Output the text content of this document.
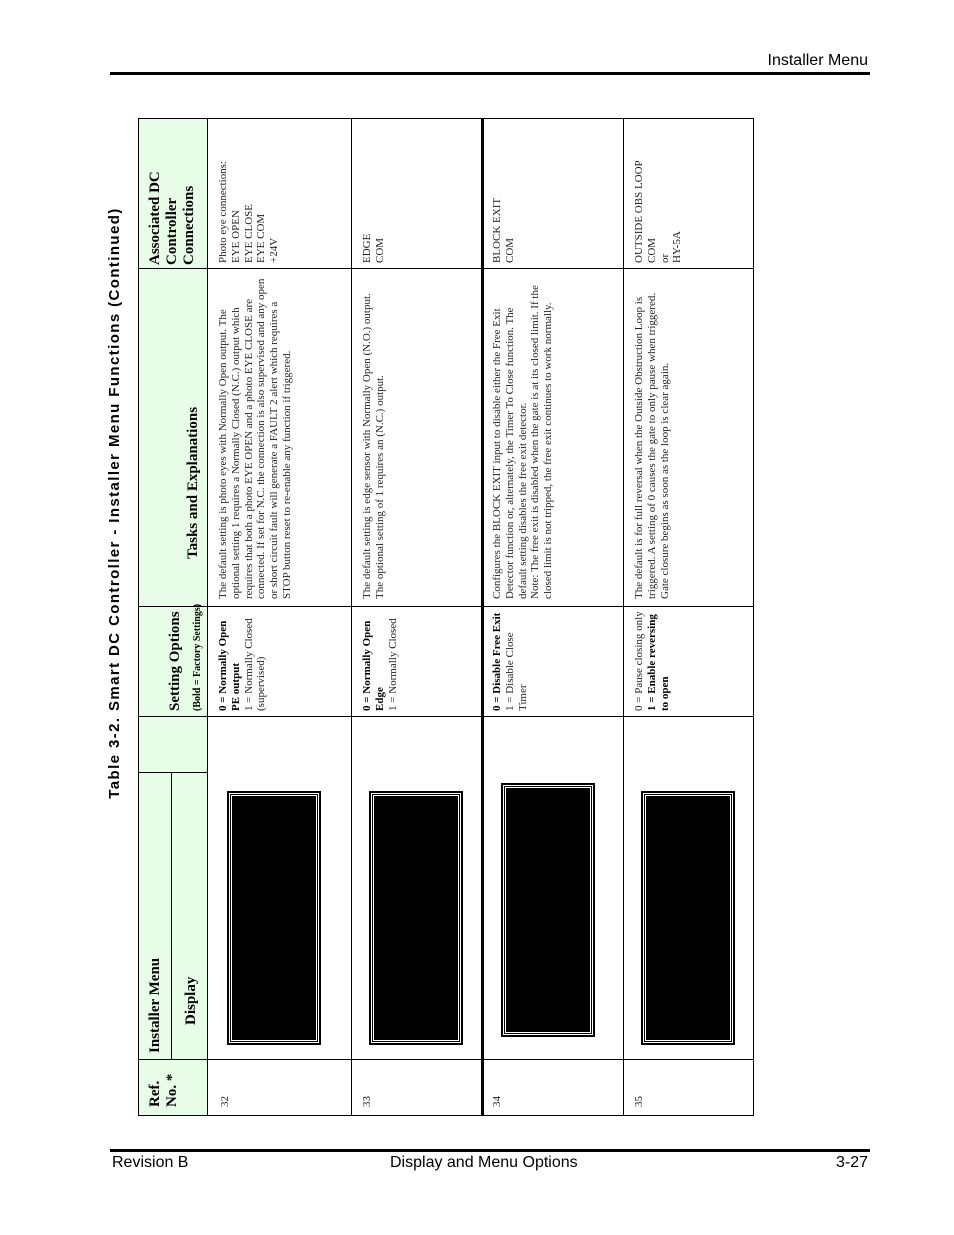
Installer Menu
Table 3-2. Smart DC Controller - Installer Menu Functions (Continued)
Ref. No. *
Installer Menu Display
Setting Options (Bold = Factory Settings)
Tasks and Explanations
Associated DC Controller Connections
32
0 = Normally Open PE output 1 = Normally Closed (supervised)
The default setting is photo eyes with Normally Open output. The optional setting 1 requires a Normally Closed (N.C.) output which requires that both a photo EYE OPEN and a photo EYE CLOSE are connected. If set for N.C. the connection is also supervised and any open or short circuit fault will generate a FAULT 2 alert which requires a STOP button reset to re-enable any function if triggered.
Photo eye connections: EYE OPEN EYE CLOSE EYE COM +24V
33
0 = Normally Open Edge 1 = Normally Closed
The default setting is edge sensor with Normally Open (N.O.) output. The optional setting of 1 requires an (N.C.) output.
EDGE COM
34
0 = Disable Free Exit 1 = Disable Close Timer
Configures the BLOCK EXIT input to disable either the Free Exit Detector function or, alternately, the Timer To Close function. The default setting disables the free exit detector. Note: The free exit is disabled when the gate is at its closed limit. If the closed limit is not tripped, the free exit continues to work normally.
BLOCK EXIT COM
35
0 = Pause closing only 1 = Enable reversing to open
The default is for full reversal when the Outside Obstruction Loop is triggered. A setting of 0 causes the gate to only pause when triggered. Gate closure begins as soon as the loop is clear again.
OUTSIDE OBS LOOP COM or HY-5A
Revision B	Display and Menu Options	3-27
